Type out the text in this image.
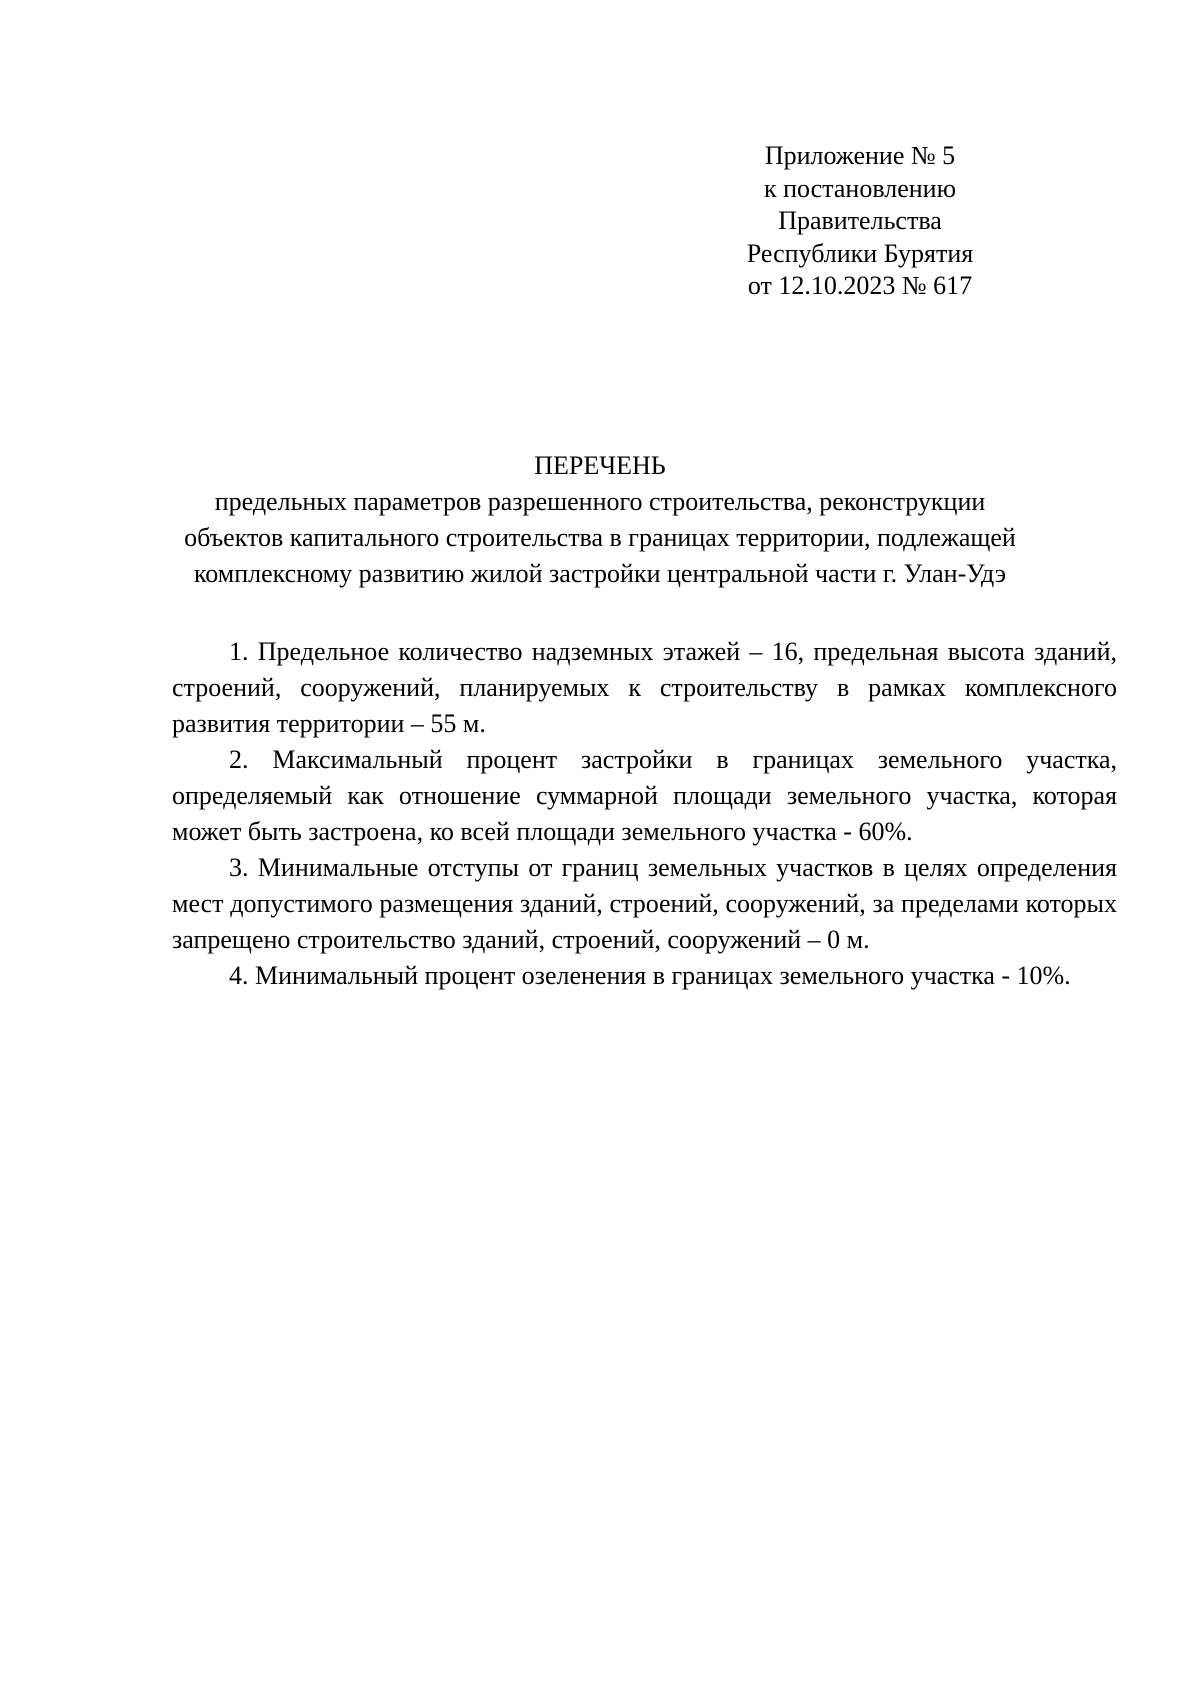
Приложение № 5
к постановлению
Правительства
Республики Бурятия
от 12.10.2023 № 617
ПЕРЕЧЕНЬ
предельных параметров разрешенного строительства, реконструкции
объектов капитального строительства в границах территории, подлежащей
комплексному развитию жилой застройки центральной части г. Улан-Удэ

1. Предельное количество надземных этажей – 16, предельная высота зданий, строений, сооружений, планируемых к строительству в рамках комплексного развития территории – 55 м.

2. Максимальный процент застройки в границах земельного участка, определяемый как отношение суммарной площади земельного участка, которая может быть застроена, ко всей площади земельного участка - 60%.

3. Минимальные отступы от границ земельных участков в целях определения мест допустимого размещения зданий, строений, сооружений, за пределами которых запрещено строительство зданий, строений, сооружений – 0 м.

4. Минимальный процент озеленения в границах земельного участка - 10%.
